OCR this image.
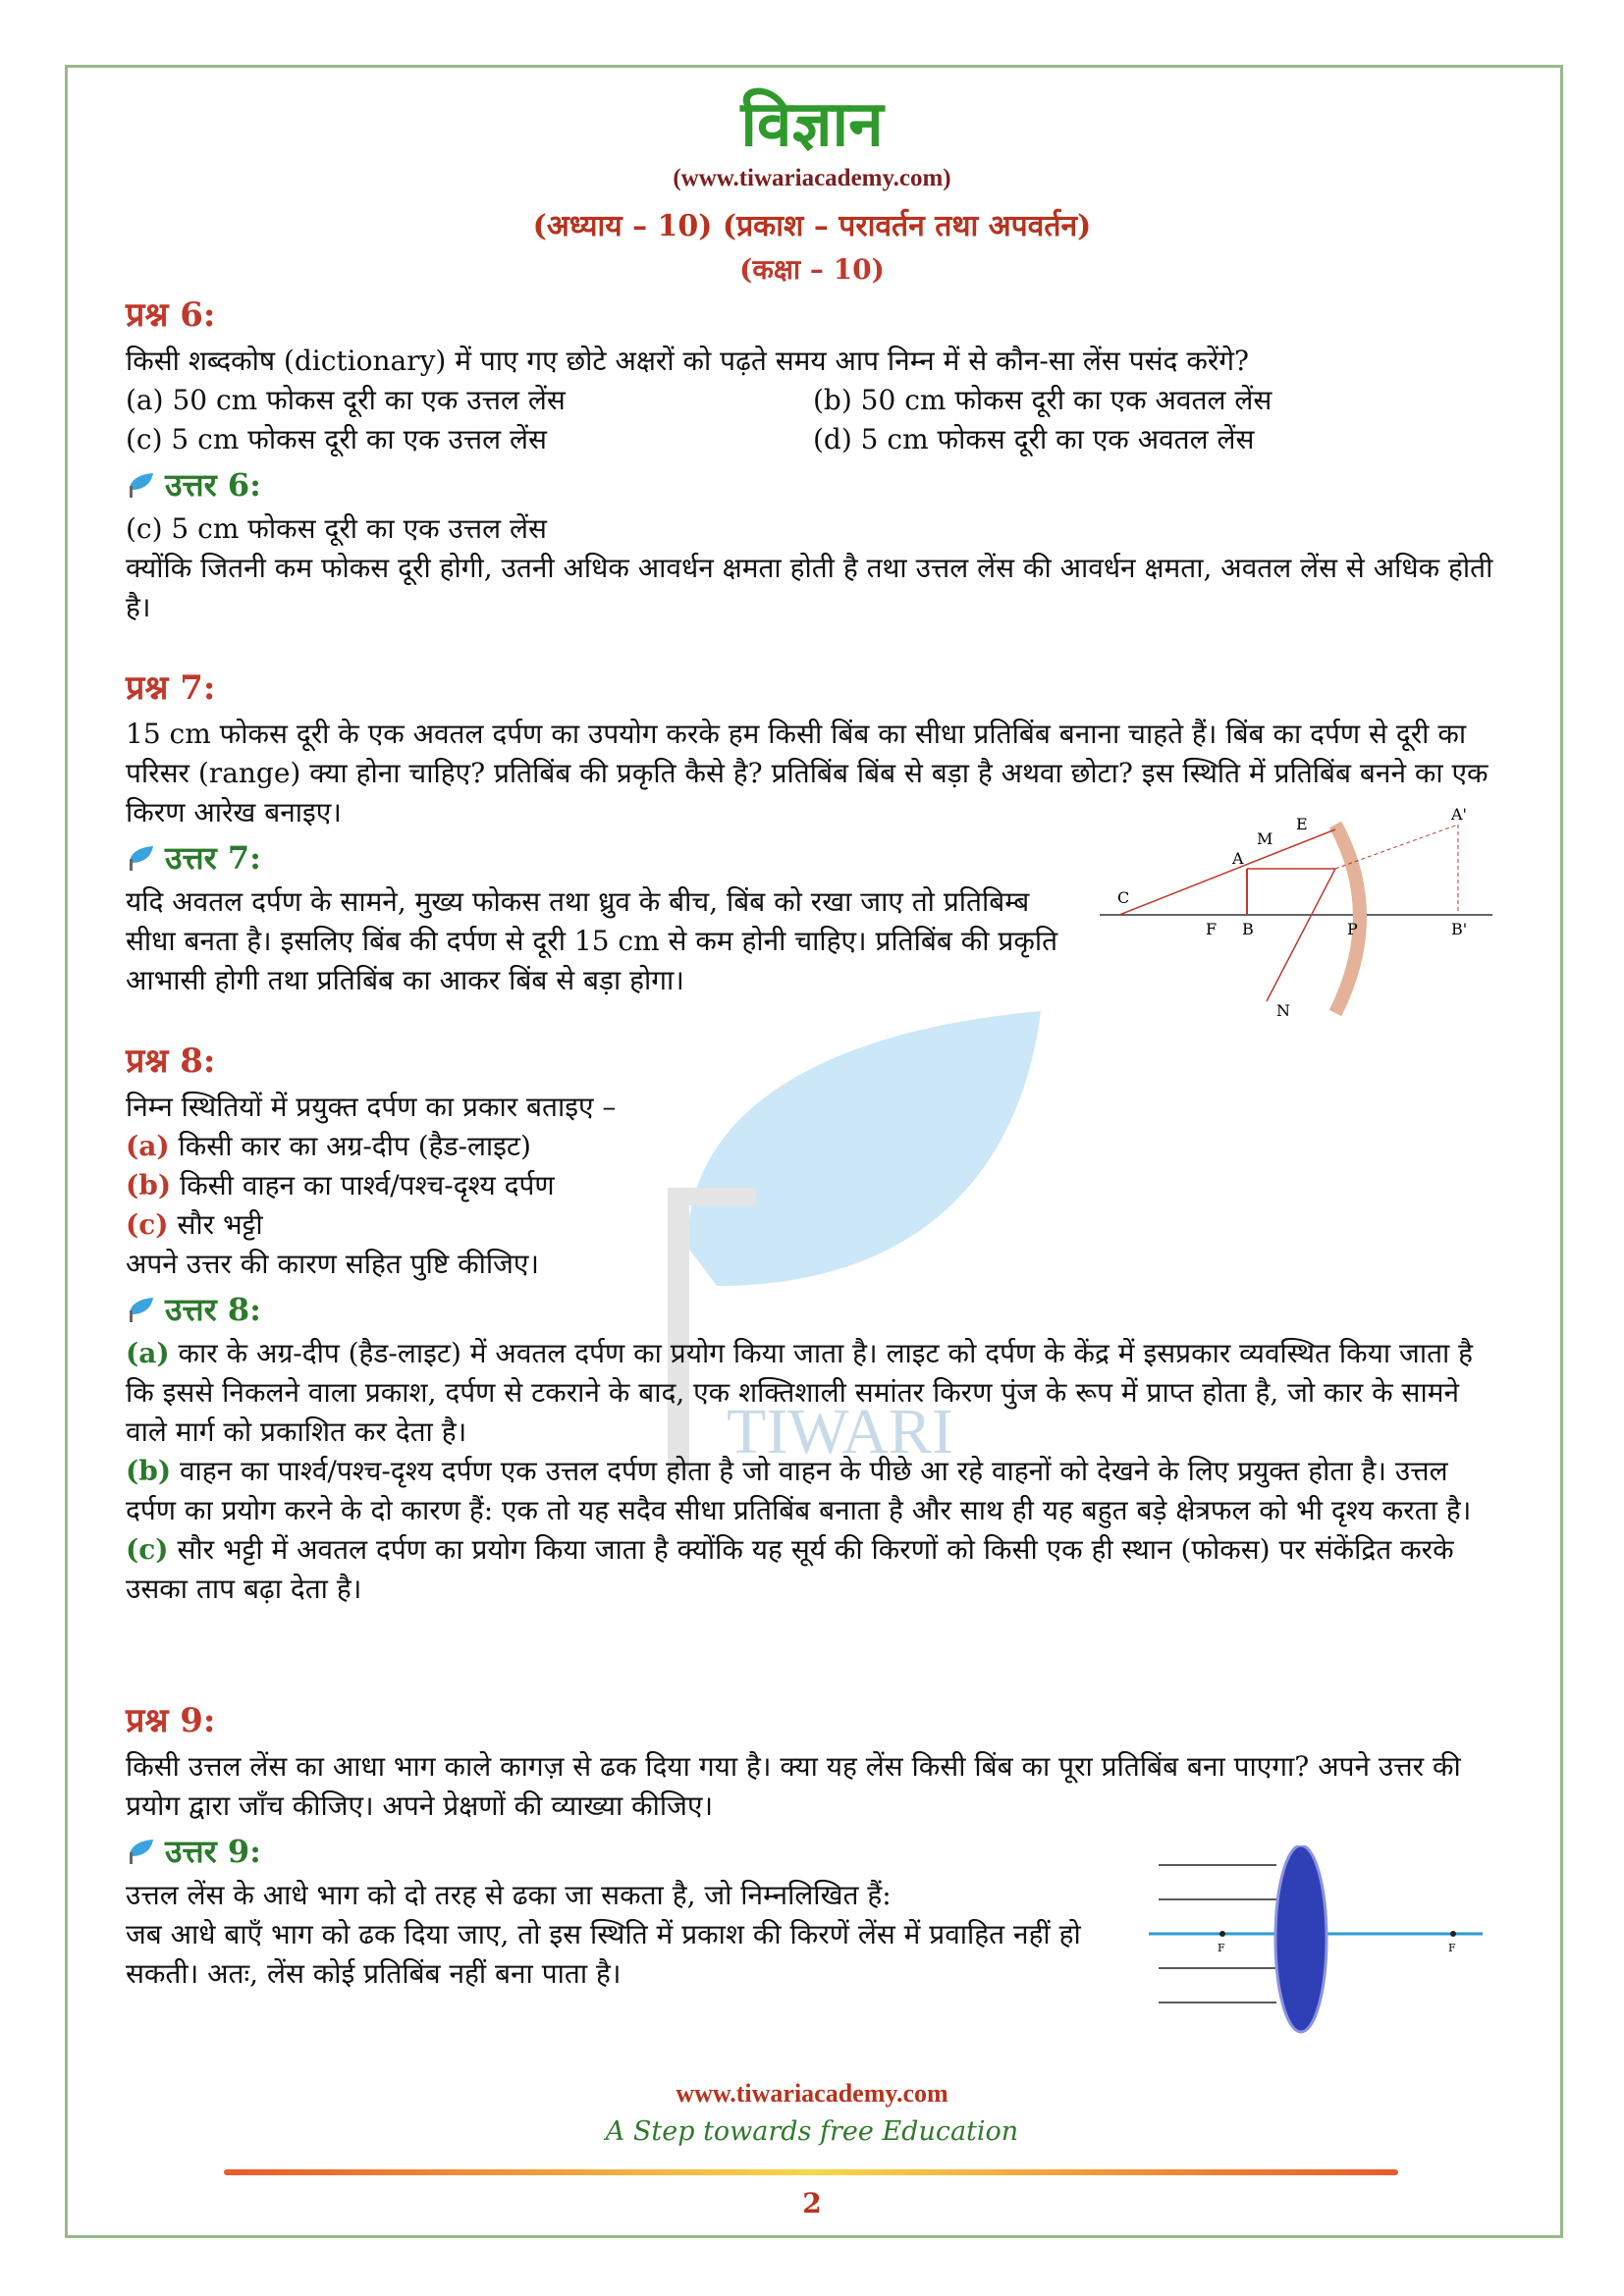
विज्ञान
(www.tiwariacademy.com)
(अध्याय – 10) (प्रकाश – परावर्तन तथा अपवर्तन)
(कक्षा – 10)
TIWARI
प्रश्न 6:

किसी शब्दकोष (dictionary) में पाए गए छोटे अक्षरों को पढ़ते समय आप निम्न में से कौन-सा लेंस पसंद करेंगे?

(a) 50 cm फोकस दूरी का एक उत्तल लेंस	(b) 50 cm फोकस दूरी का एक अवतल लेंस
(c) 5 cm फोकस दूरी का एक उत्तल लेंस	(d) 5 cm फोकस दूरी का एक अवतल लेंस
उत्तर 6:

(c) 5 cm फोकस दूरी का एक उत्तल लेंस

क्योंकि जितनी कम फोकस दूरी होगी, उतनी अधिक आवर्धन क्षमता होती है तथा उत्तल लेंस की आवर्धन क्षमता, अवतल लेंस से अधिक होती है।

प्रश्न 7:

15 cm फोकस दूरी के एक अवतल दर्पण का उपयोग करके हम किसी बिंब का सीधा प्रतिबिंब बनाना चाहते हैं। बिंब का दर्पण से दूरी का परिसर (range) क्या होना चाहिए? प्रतिबिंब की प्रकृति कैसे है? प्रतिबिंब बिंब से बड़ा है अथवा छोटा? इस स्थिति में प्रतिबिंब बनने का एक किरण आरेख बनाइए।

उत्तर 7:

यदि अवतल दर्पण के सामने, मुख्य फोकस तथा ध्रुव के बीच, बिंब को रखा जाए तो प्रतिबिम्ब सीधा बनता है। इसलिए बिंब की दर्पण से दूरी 15 cm से कम होनी चाहिए। प्रतिबिंब की प्रकृति आभासी होगी तथा प्रतिबिंब का आकर बिंब से बड़ा होगा।

M
E
A'
A
C
F B	P	B'
N
प्रश्न 8:

निम्न स्थितियों में प्रयुक्त दर्पण का प्रकार बताइए –

(a) किसी कार का अग्र-दीप (हैड-लाइट)

(b) किसी वाहन का पार्श्व/पश्च-दृश्य दर्पण

(c) सौर भट्टी

अपने उत्तर की कारण सहित पुष्टि कीजिए।

उत्तर 8:

(a) कार के अग्र-दीप (हैड-लाइट) में अवतल दर्पण का प्रयोग किया जाता है। लाइट को दर्पण के केंद्र में इसप्रकार व्यवस्थित किया जाता है कि इससे निकलने वाला प्रकाश, दर्पण से टकराने के बाद, एक शक्तिशाली समांतर किरण पुंज के रूप में प्राप्त होता है, जो कार के सामने वाले मार्ग को प्रकाशित कर देता है।

(b) वाहन का पार्श्व/पश्च-दृश्य दर्पण एक उत्तल दर्पण होता है जो वाहन के पीछे आ रहे वाहनों को देखने के लिए प्रयुक्त होता है। उत्तल दर्पण का प्रयोग करने के दो कारण हैं: एक तो यह सदैव सीधा प्रतिबिंब बनाता है और साथ ही यह बहुत बड़े क्षेत्रफल को भी दृश्य करता है।

(c) सौर भट्टी में अवतल दर्पण का प्रयोग किया जाता है क्योंकि यह सूर्य की किरणों को किसी एक ही स्थान (फोकस) पर संकेंद्रित करके उसका ताप बढ़ा देता है।

प्रश्न 9:

किसी उत्तल लेंस का आधा भाग काले कागज़ से ढक दिया गया है। क्या यह लेंस किसी बिंब का पूरा प्रतिबिंब बना पाएगा? अपने उत्तर की प्रयोग द्वारा जाँच कीजिए। अपने प्रेक्षणों की व्याख्या कीजिए।

उत्तर 9:

उत्तल लेंस के आधे भाग को दो तरह से ढका जा सकता है, जो निम्नलिखित हैं:

जब आधे बाएँ भाग को ढक दिया जाए, तो इस स्थिति में प्रकाश की किरणें लेंस में प्रवाहित नहीं हो सकती। अतः, लेंस कोई प्रतिबिंब नहीं बना पाता है।

F	F
www.tiwariacademy.com
A Step towards free Education
2
